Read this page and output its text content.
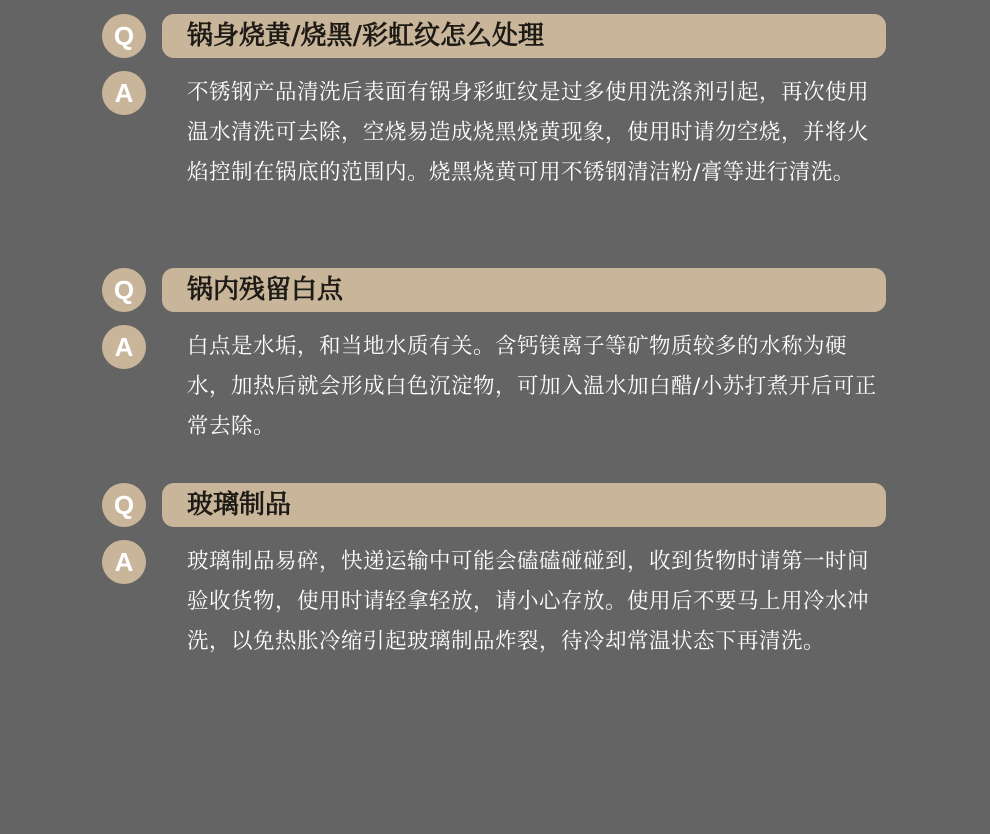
Q	锅身烧黄/烧黑/彩虹纹怎么处理
A	不锈钢产品清洗后表面有锅身彩虹纹是过多使用洗涤剂引起，再次使用温水清洗可去除，空烧易造成烧黑烧黄现象，使用时请勿空烧，并将火焰控制在锅底的范围内。烧黑烧黄可用不锈钢清洁粉/膏等进行清洗。
Q	锅内残留白点
A	白点是水垢，和当地水质有关。含钙镁离子等矿物质较多的水称为硬水，加热后就会形成白色沉淀物，可加入温水加白醋/小苏打煮开后可正常去除。
Q	玻璃制品
A	玻璃制品易碎，快递运输中可能会磕磕碰碰到，收到货物时请第一时间验收货物，使用时请轻拿轻放，请小心存放。使用后不要马上用冷水冲洗，以免热胀冷缩引起玻璃制品炸裂，待冷却常温状态下再清洗。
